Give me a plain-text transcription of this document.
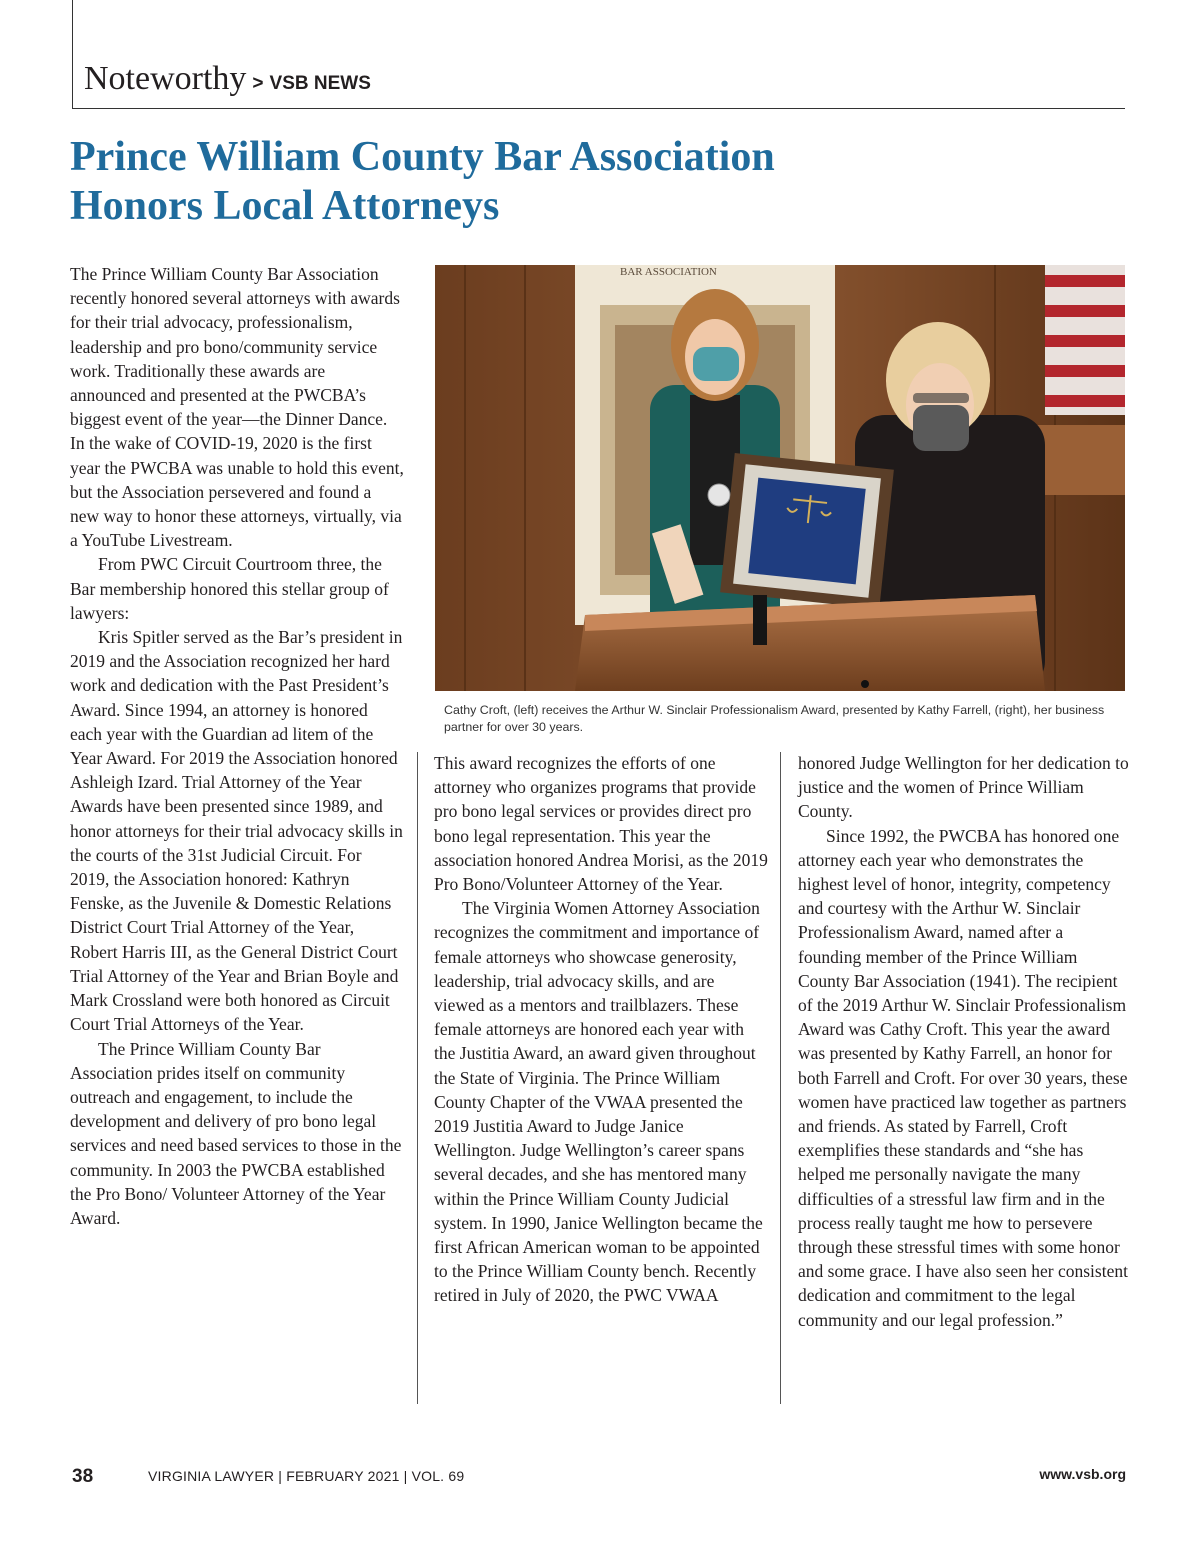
Noteworthy > VSB NEWS
Prince William County Bar Association
Honors Local Attorneys

The Prince William County Bar Association recently honored several attorneys with awards for their trial advocacy, professionalism, leadership and pro bono/community service work. Traditionally these awards are announced and presented at the PWCBA’s biggest event of the year—the Dinner Dance. In the wake of COVID-19, 2020 is the first year the PWCBA was unable to hold this event, but the Association persevered and found a new way to honor these attorneys, virtually, via a YouTube Livestream.

From PWC Circuit Courtroom three, the Bar membership honored this stellar group of lawyers:

Kris Spitler served as the Bar’s president in 2019 and the Association recognized her hard work and dedication with the Past President’s Award. Since 1994, an attorney is honored each year with the Guardian ad litem of the Year Award. For 2019 the Association honored Ashleigh Izard. Trial Attorney of the Year Awards have been presented since 1989, and honor attorneys for their trial advocacy skills in the courts of the 31st Judicial Circuit. For 2019, the Association honored: Kathryn Fenske, as the Juvenile & Domestic Relations District Court Trial Attorney of the Year, Robert Harris III, as the General District Court Trial Attorney of the Year and Brian Boyle and Mark Crossland were both honored as Circuit Court Trial Attorneys of the Year.

The Prince William County Bar Association prides itself on community outreach and engagement, to include the development and delivery of pro bono legal services and need based services to those in the community. In 2003 the PWCBA established the Pro Bono/ Volunteer Attorney of the Year Award.

BAR ASSOCIATION
Cathy Croft, (left) receives the Arthur W. Sinclair Professionalism Award, presented by Kathy Farrell, (right), her business partner for over 30 years.

This award recognizes the efforts of one attorney who organizes programs that provide pro bono legal services or provides direct pro bono legal representation. This year the association honored Andrea Morisi, as the 2019 Pro Bono/Volunteer Attorney of the Year.

The Virginia Women Attorney Association recognizes the commitment and importance of female attorneys who showcase generosity, leadership, trial advocacy skills, and are viewed as a mentors and trailblazers. These female attorneys are honored each year with the Justitia Award, an award given throughout the State of Virginia. The Prince William County Chapter of the VWAA presented the 2019 Justitia Award to Judge Janice Wellington. Judge Wellington’s career spans several decades, and she has mentored many within the Prince William County Judicial system. In 1990, Janice Wellington became the first African American woman to be appointed to the Prince William County bench. Recently retired in July of 2020, the PWC VWAA

honored Judge Wellington for her dedication to justice and the women of Prince William County.

Since 1992, the PWCBA has honored one attorney each year who demonstrates the highest level of honor, integrity, competency and courtesy with the Arthur W. Sinclair Professionalism Award, named after a founding member of the Prince William County Bar Association (1941). The recipient of the 2019 Arthur W. Sinclair Professionalism Award was Cathy Croft. This year the award was presented by Kathy Farrell, an honor for both Farrell and Croft. For over 30 years, these women have practiced law together as partners and friends. As stated by Farrell, Croft exemplifies these standards and “she has helped me personally navigate the many difficulties of a stressful law firm and in the process really taught me how to persevere through these stressful times with some honor and some grace. I have also seen her consistent dedication and commitment to the legal community and our legal profession.”

38	VIRGINIA LAWYER | FEBRUARY 2021 | VOL. 69	www.vsb.org
